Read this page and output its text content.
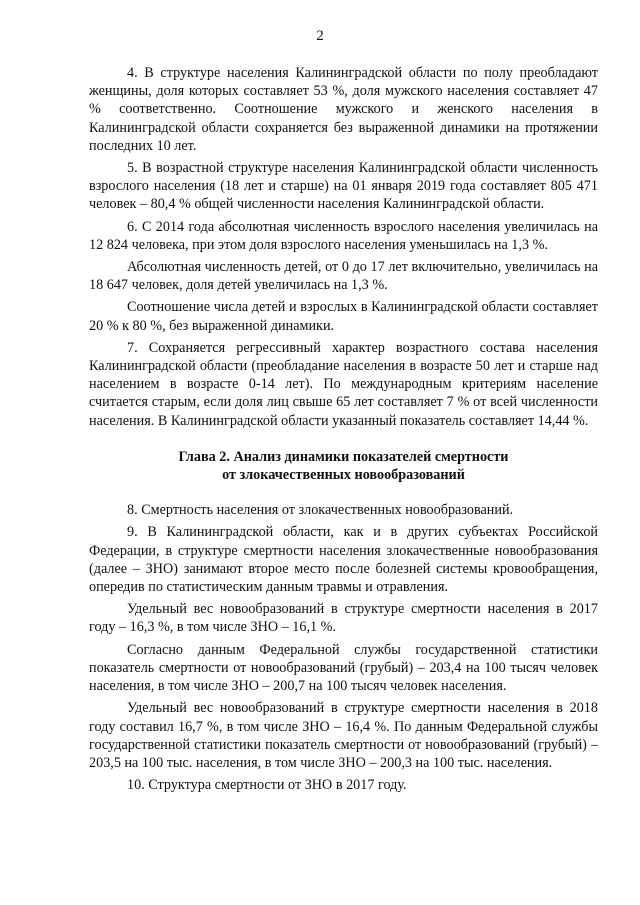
2

4. В структуре населения Калининградской области по полу преобладают женщины, доля которых составляет 53 %, доля мужского населения составляет 47 % соответственно. Соотношение мужского и женского населения в Калининградской области сохраняется без выраженной динамики на протяжении последних 10 лет.

5. В возрастной структуре населения Калининградской области численность взрослого населения (18 лет и старше) на 01 января 2019 года составляет 805 471 человек – 80,4 % общей численности населения Калининградской области.

6. С 2014 года абсолютная численность взрослого населения увеличилась на 12 824 человека, при этом доля взрослого населения уменьшилась на 1,3 %.

Абсолютная численность детей, от 0 до 17 лет включительно, увеличилась на 18 647 человек, доля детей увеличилась на 1,3 %.

Соотношение числа детей и взрослых в Калининградской области составляет 20 % к 80 %, без выраженной динамики.

7. Сохраняется регрессивный характер возрастного состава населения Калининградской области (преобладание населения в возрасте 50 лет и старше над населением в возрасте 0-14 лет). По международным критериям население считается старым, если доля лиц свыше 65 лет составляет 7 % от всей численности населения. В Калининградской области указанный показатель составляет 14,44 %.

Глава 2. Анализ динамики показателей смертности
от злокачественных новообразований

8. Смертность населения от злокачественных новообразований.

9. В Калининградской области, как и в других субъектах Российской Федерации, в структуре смертности населения злокачественные новообразования (далее – ЗНО) занимают второе место после болезней системы кровообращения, опередив по статистическим данным травмы и отравления.

Удельный вес новообразований в структуре смертности населения в 2017 году – 16,3 %, в том числе ЗНО – 16,1 %.

Согласно данным Федеральной службы государственной статистики показатель смертности от новообразований (грубый) – 203,4 на 100 тысяч человек населения, в том числе ЗНО – 200,7 на 100 тысяч человек населения.

Удельный вес новообразований в структуре смертности населения в 2018 году составил 16,7 %, в том числе ЗНО – 16,4 %. По данным Федеральной службы государственной статистики показатель смертности от новообразований (грубый) – 203,5 на 100 тыс. населения, в том числе ЗНО – 200,3 на 100 тыс. населения.

10. Структура смертности от ЗНО в 2017 году.
